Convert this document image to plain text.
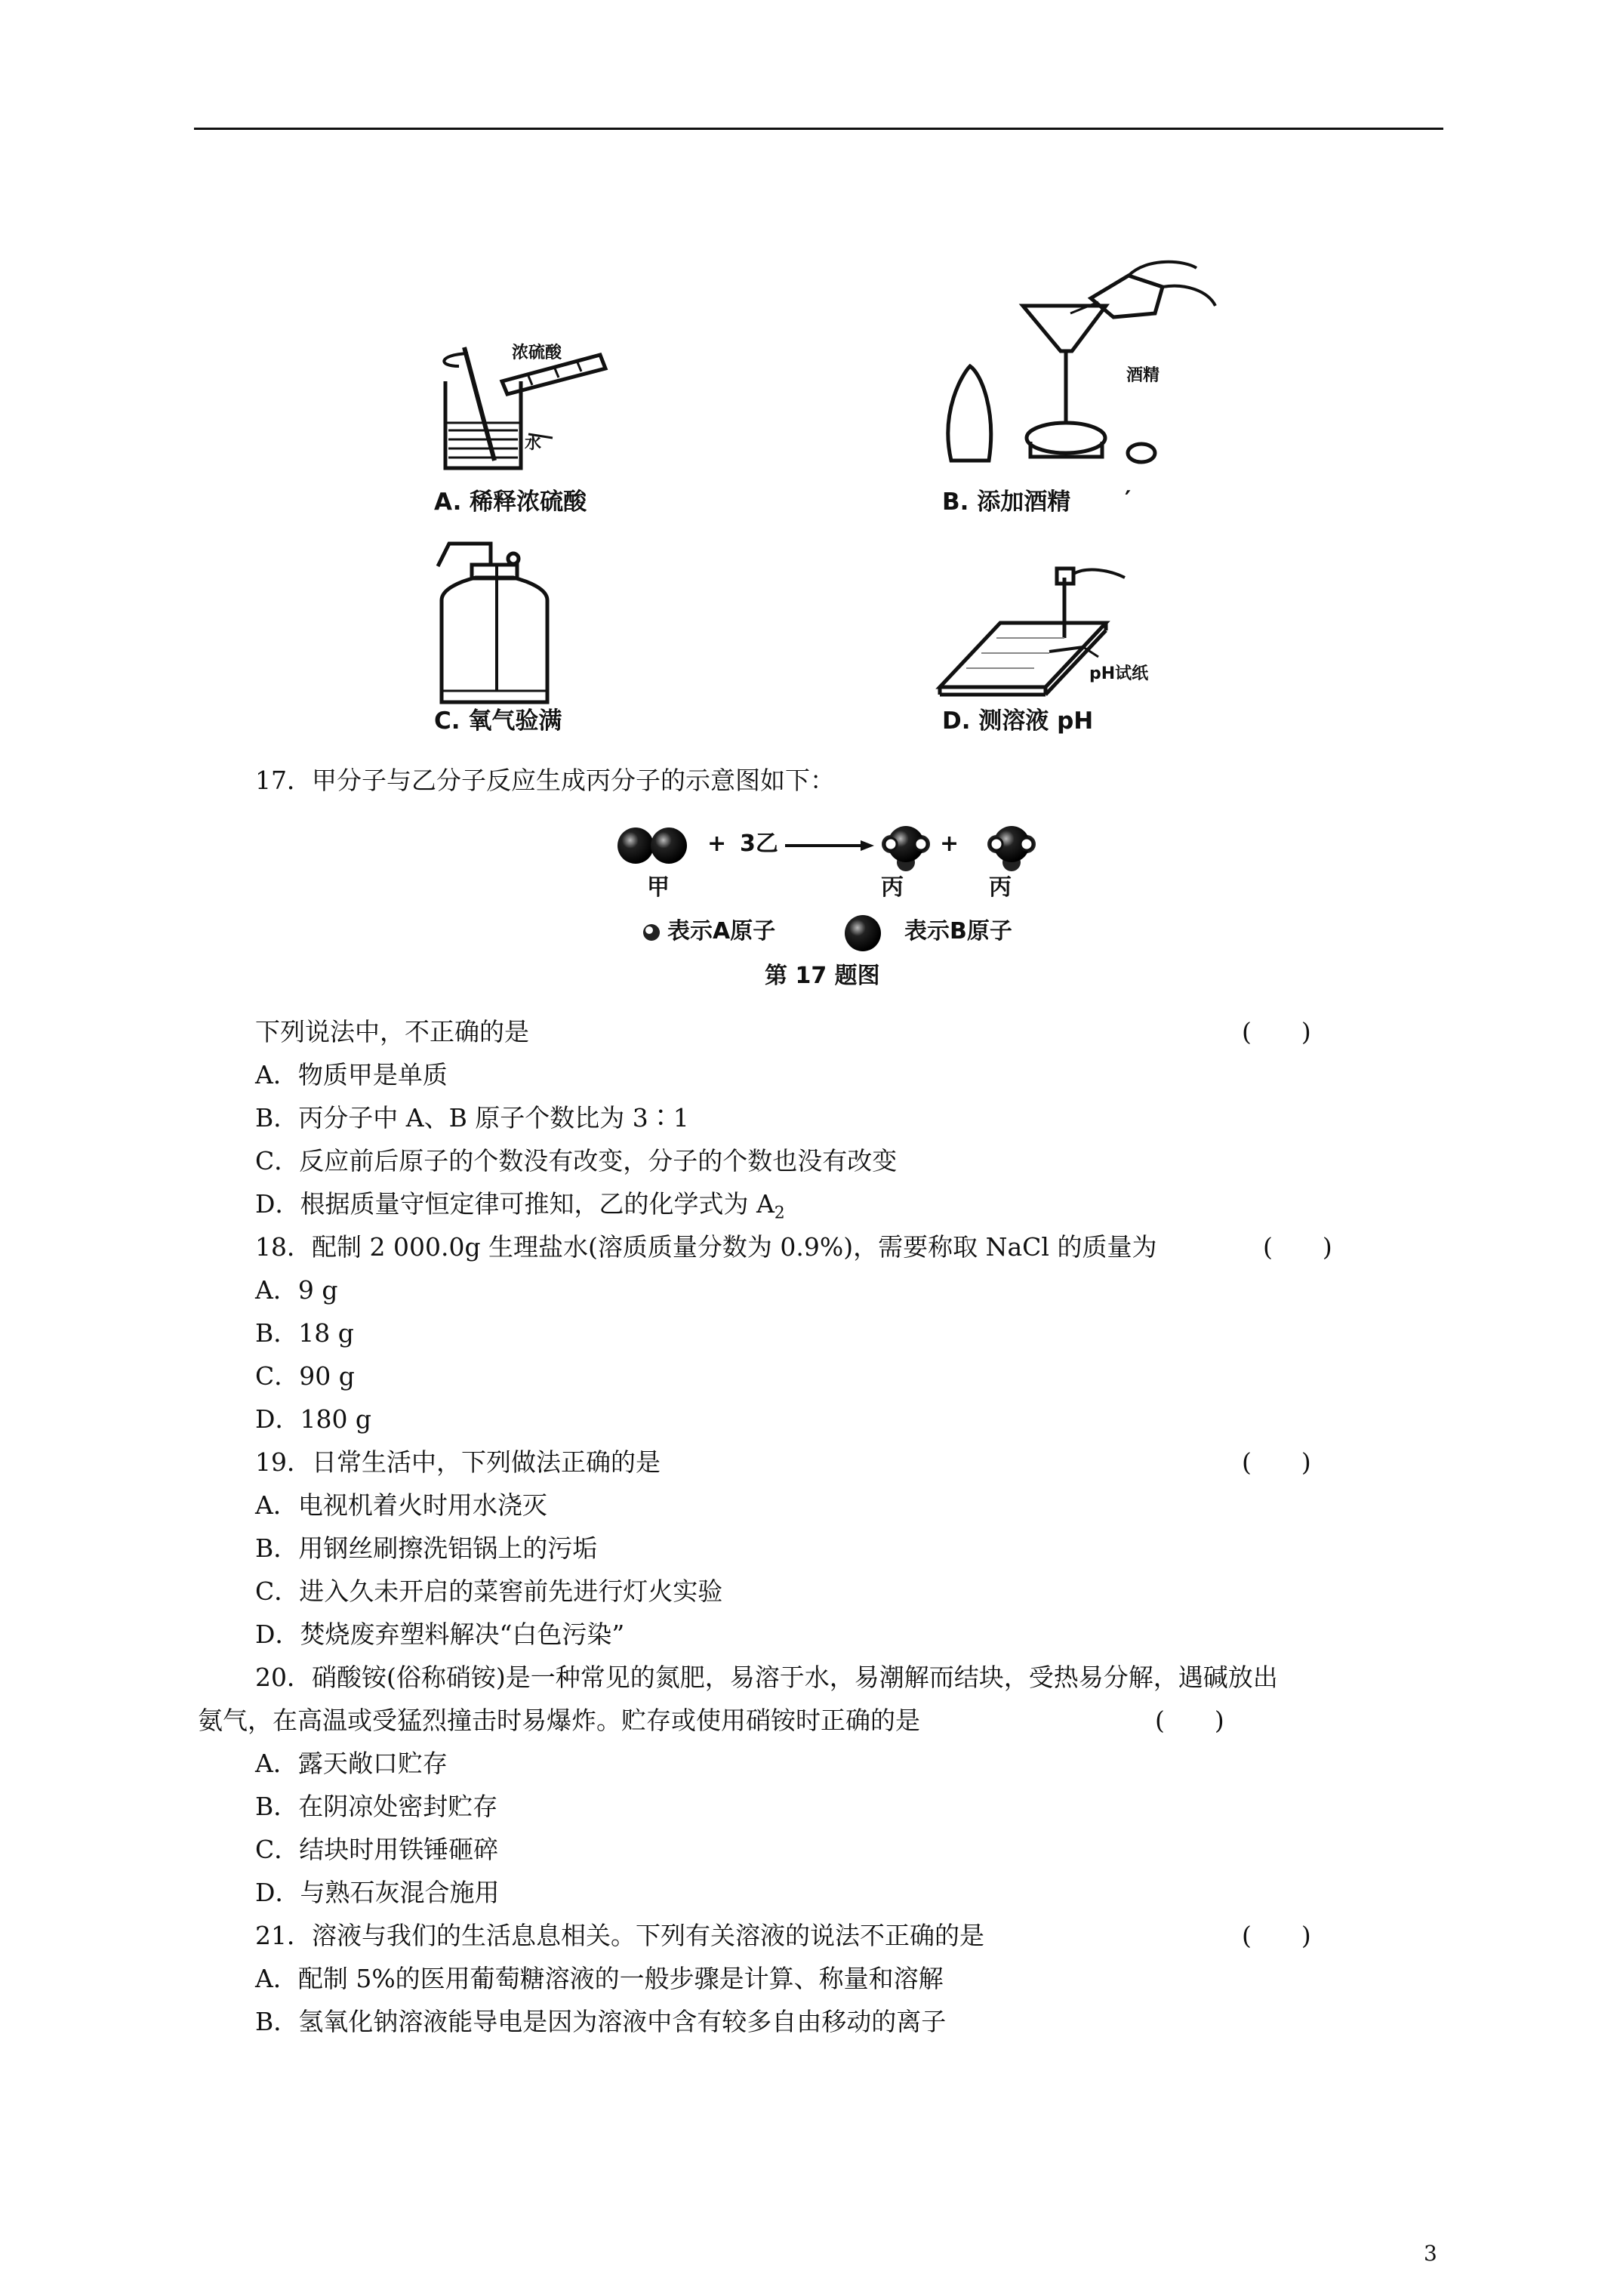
浓硫酸
水
A. 稀释浓硫酸
酒精
B. 添加酒精 ′
C. 氧气验满
pH试纸
D. 测溶液 pH
17．甲分子与乙分子反应生成丙分子的示意图如下：
+ 3乙	+
甲	丙	丙
表示A原子	表示B原子
第 17 题图
下列说法中，不正确的是	(　　)
A．物质甲是单质
B．丙分子中 A、B 原子个数比为 3∶1
C．反应前后原子的个数没有改变，分子的个数也没有改变
D．根据质量守恒定律可推知，乙的化学式为 $A_2$
18．配制 2 000.0g 生理盐水(溶质质量分数为 0.9%)，需要称取 NaCl 的质量为	(　　)
A．9 g
B．18 g
C．90 g
D．180 g
19．日常生活中，下列做法正确的是	(　　)
A．电视机着火时用水浇灭
B．用钢丝刷擦洗铝锅上的污垢
C．进入久未开启的菜窖前先进行灯火实验
D．焚烧废弃塑料解决“白色污染”
20．硝酸铵(俗称硝铵)是一种常见的氮肥，易溶于水，易潮解而结块，受热易分解，遇碱放出
氨气，在高温或受猛烈撞击时易爆炸。贮存或使用硝铵时正确的是	(　　)
A．露天敞口贮存
B．在阴凉处密封贮存
C．结块时用铁锤砸碎
D．与熟石灰混合施用
21．溶液与我们的生活息息相关。下列有关溶液的说法不正确的是	(　　)
A．配制 5%的医用葡萄糖溶液的一般步骤是计算、称量和溶解
B．氢氧化钠溶液能导电是因为溶液中含有较多自由移动的离子
3
